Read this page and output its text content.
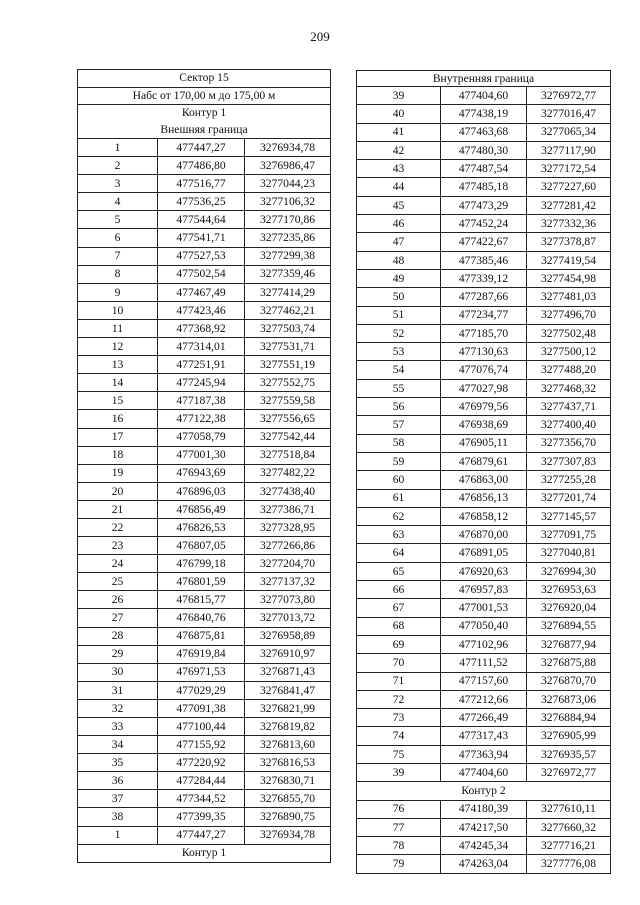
209
Сектор 15		
Набс от 170,00 м до 175,00 м		
Контур 1		
Внешняя граница		
1	477447,27	3276934,78
2	477486,80	3276986,47
3	477516,77	3277044,23
4	477536,25	3277106,32
5	477544,64	3277170,86
6	477541,71	3277235,86
7	477527,53	3277299,38
8	477502,54	3277359,46
9	477467,49	3277414,29
10	477423,46	3277462,21
11	477368,92	3277503,74
12	477314,01	3277531,71
13	477251,91	3277551,19
14	477245,94	3277552,75
15	477187,38	3277559,58
16	477122,38	3277556,65
17	477058,79	3277542,44
18	477001,30	3277518,84
19	476943,69	3277482,22
20	476896,03	3277438,40
21	476856,49	3277386,71
22	476826,53	3277328,95
23	476807,05	3277266,86
24	476799,18	3277204,70
25	476801,59	3277137,32
26	476815,77	3277073,80
27	476840,76	3277013,72
28	476875,81	3276958,89
29	476919,84	3276910,97
30	476971,53	3276871,43
31	477029,29	3276841,47
32	477091,38	3276821,99
33	477100,44	3276819,82
34	477155,92	3276813,60
35	477220,92	3276816,53
36	477284,44	3276830,71
37	477344,52	3276855,70
38	477399,35	3276890,75
1	477447,27	3276934,78
Контур 1		
Внутренняя граница		
39	477404,60	3276972,77
40	477438,19	3277016,47
41	477463,68	3277065,34
42	477480,30	3277117,90
43	477487,54	3277172,54
44	477485,18	3277227,60
45	477473,29	3277281,42
46	477452,24	3277332,36
47	477422,67	3277378,87
48	477385,46	3277419,54
49	477339,12	3277454,98
50	477287,66	3277481,03
51	477234,77	3277496,70
52	477185,70	3277502,48
53	477130,63	3277500,12
54	477076,74	3277488,20
55	477027,98	3277468,32
56	476979,56	3277437,71
57	476938,69	3277400,40
58	476905,11	3277356,70
59	476879,61	3277307,83
60	476863,00	3277255,28
61	476856,13	3277201,74
62	476858,12	3277145,57
63	476870,00	3277091,75
64	476891,05	3277040,81
65	476920,63	3276994,30
66	476957,83	3276953,63
67	477001,53	3276920,04
68	477050,40	3276894,55
69	477102,96	3276877,94
70	477111,52	3276875,88
71	477157,60	3276870,70
72	477212,66	3276873,06
73	477266,49	3276884,94
74	477317,43	3276905,99
75	477363,94	3276935,57
39	477404,60	3276972,77
Контур 2		
76	474180,39	3277610,11
77	474217,50	3277660,32
78	474245,34	3277716,21
79	474263,04	3277776,08
